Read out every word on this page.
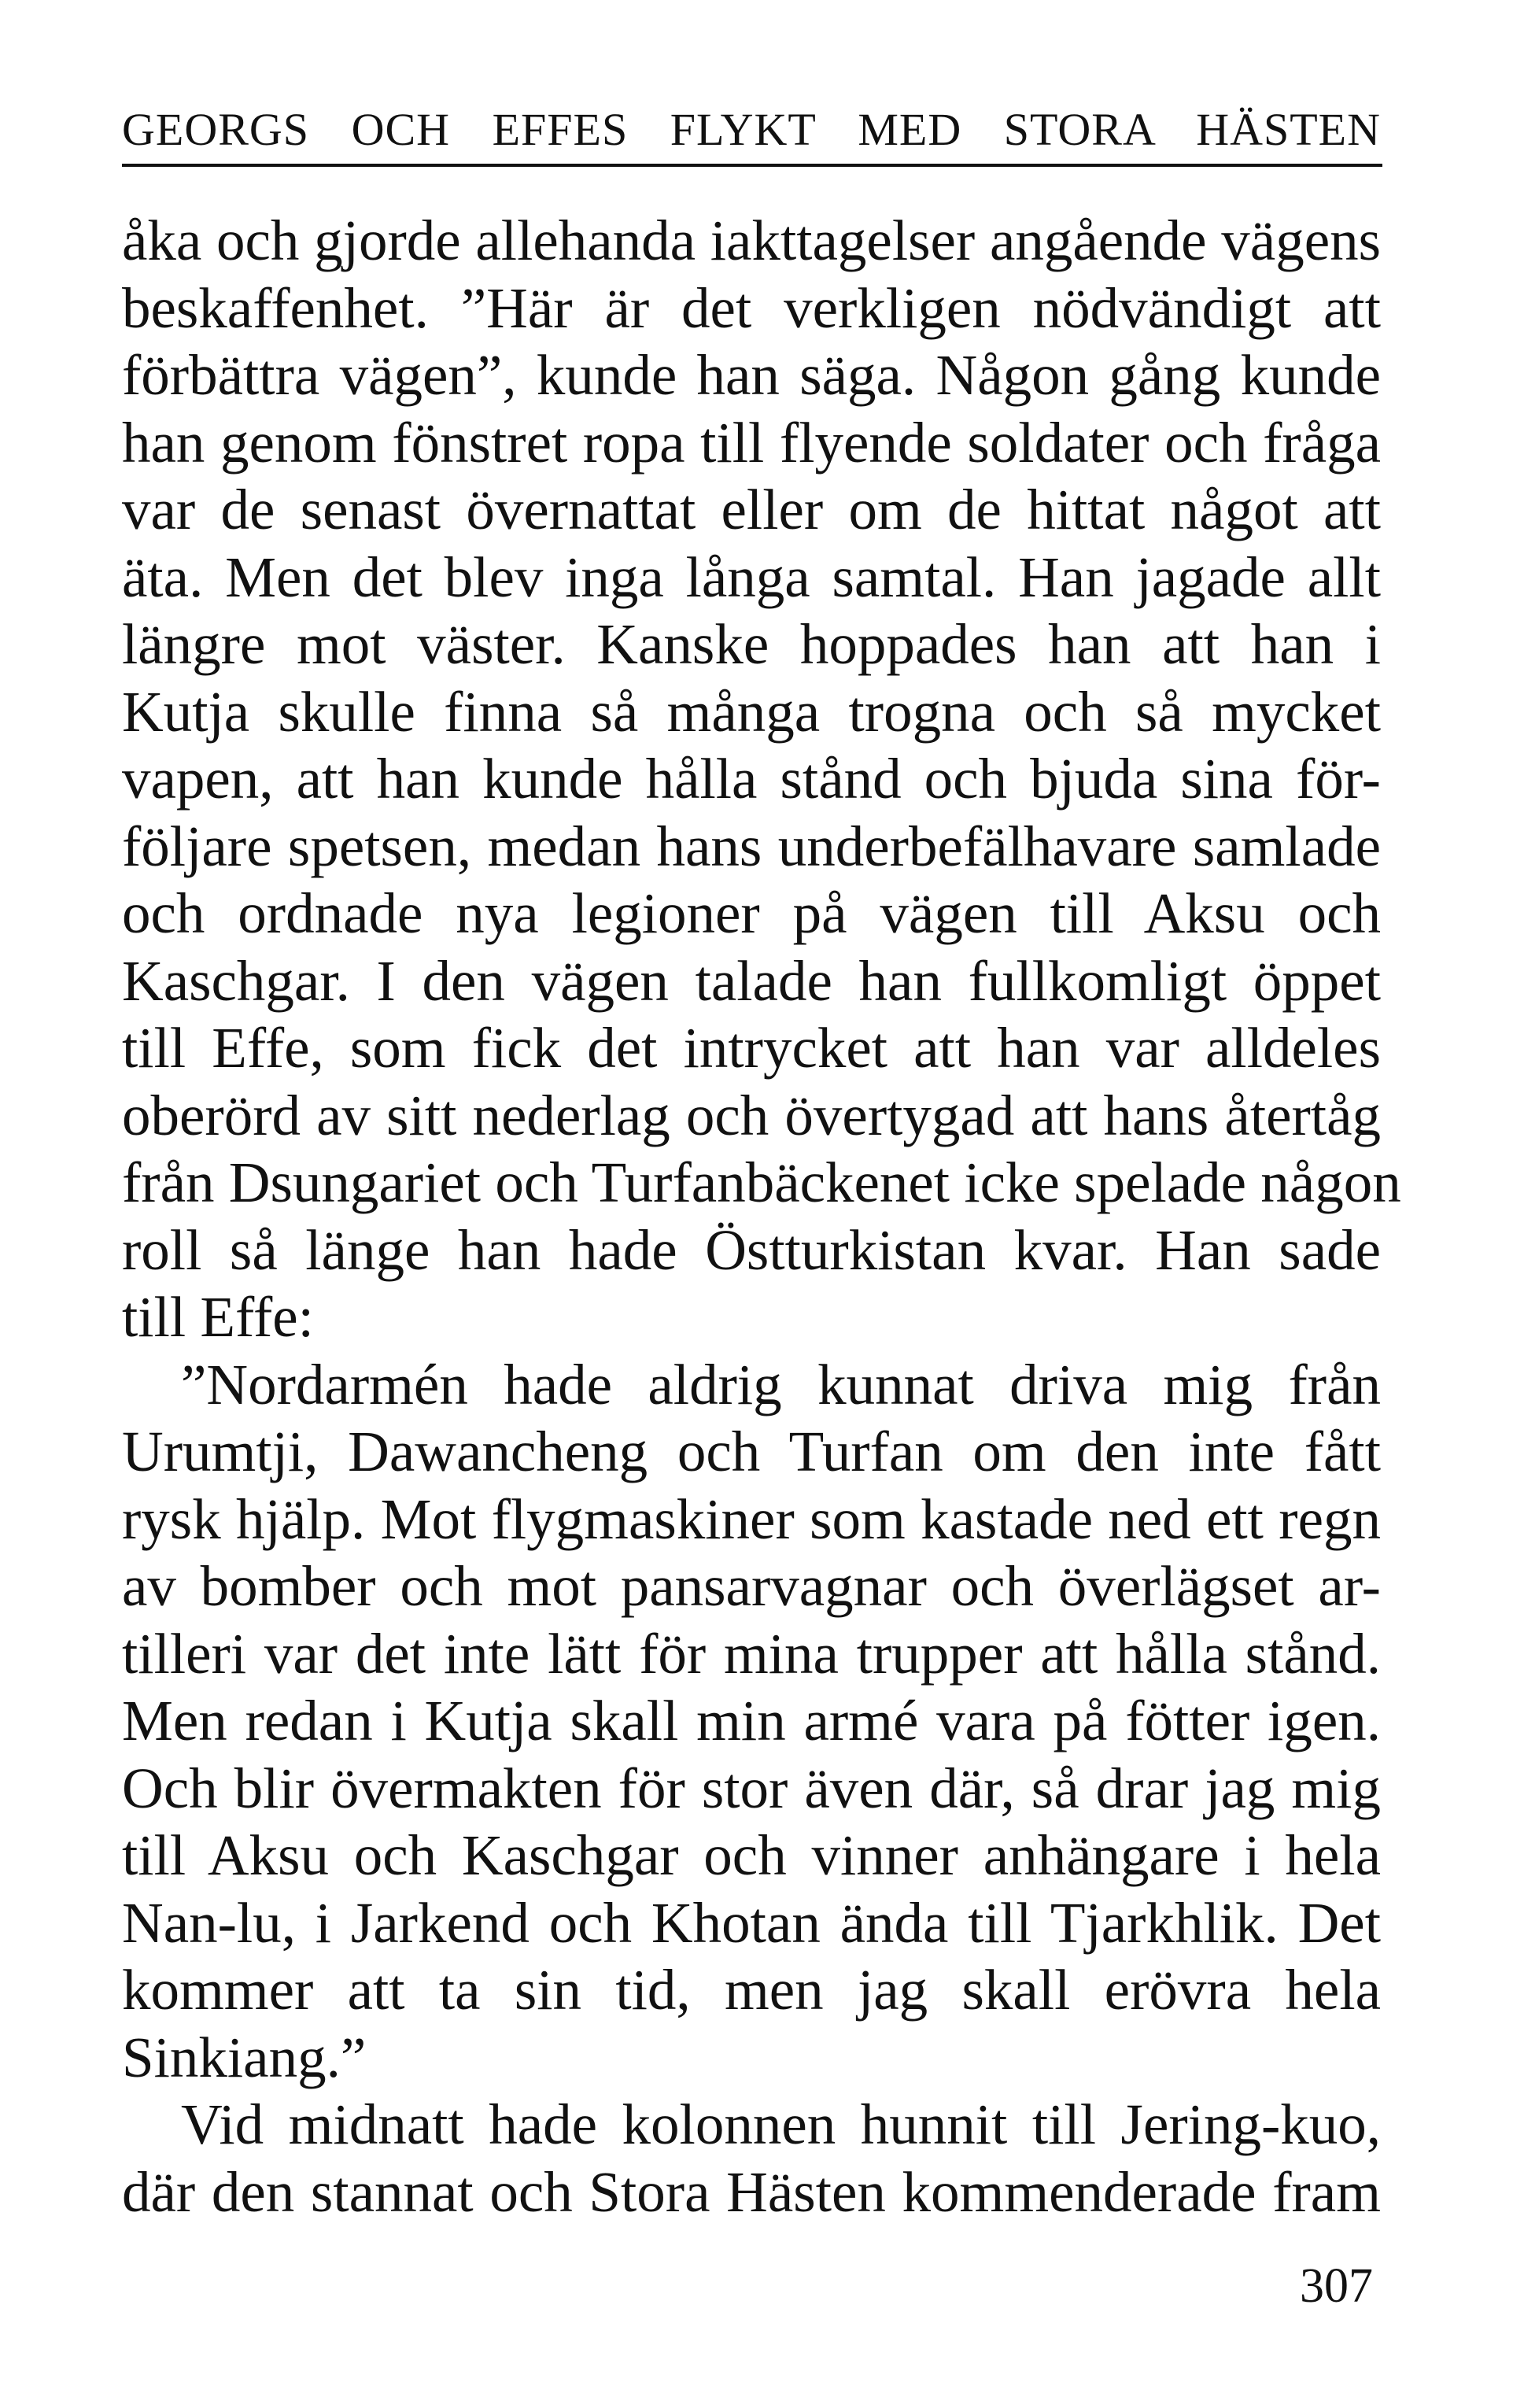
GEORGS OCH EFFES FLYKT MED STORA HÄSTEN
åka och gjorde allehanda iakttagelser angående vägens
beskaffenhet. ”Här är det verkligen nödvändigt att
förbättra vägen”, kunde han säga. Någon gång kunde
han genom fönstret ropa till flyende soldater och fråga
var de senast övernattat eller om de hittat något att
äta. Men det blev inga långa samtal. Han jagade allt
längre mot väster. Kanske hoppades han att han i
Kutja skulle finna så många trogna och så mycket
vapen, att han kunde hålla stånd och bjuda sina för-
följare spetsen, medan hans underbefälhavare samlade
och ordnade nya legioner på vägen till Aksu och
Kaschgar. I den vägen talade han fullkomligt öppet
till Effe, som fick det intrycket att han var alldeles
oberörd av sitt nederlag och övertygad att hans återtåg
från Dsungariet och Turfanbäckenet icke spelade någon
roll så länge han hade Östturkistan kvar. Han sade
till Effe:
”Nordarmén hade aldrig kunnat driva mig från
Urumtji, Dawancheng och Turfan om den inte fått
rysk hjälp. Mot flygmaskiner som kastade ned ett regn
av bomber och mot pansarvagnar och överlägset ar-
tilleri var det inte lätt för mina trupper att hålla stånd.
Men redan i Kutja skall min armé vara på fötter igen.
Och blir övermakten för stor även där, så drar jag mig
till Aksu och Kaschgar och vinner anhängare i hela
Nan-lu, i Jarkend och Khotan ända till Tjarkhlik. Det
kommer att ta sin tid, men jag skall erövra hela
Sinkiang.”
Vid midnatt hade kolonnen hunnit till Jering-kuo,
där den stannat och Stora Hästen kommenderade fram
307
